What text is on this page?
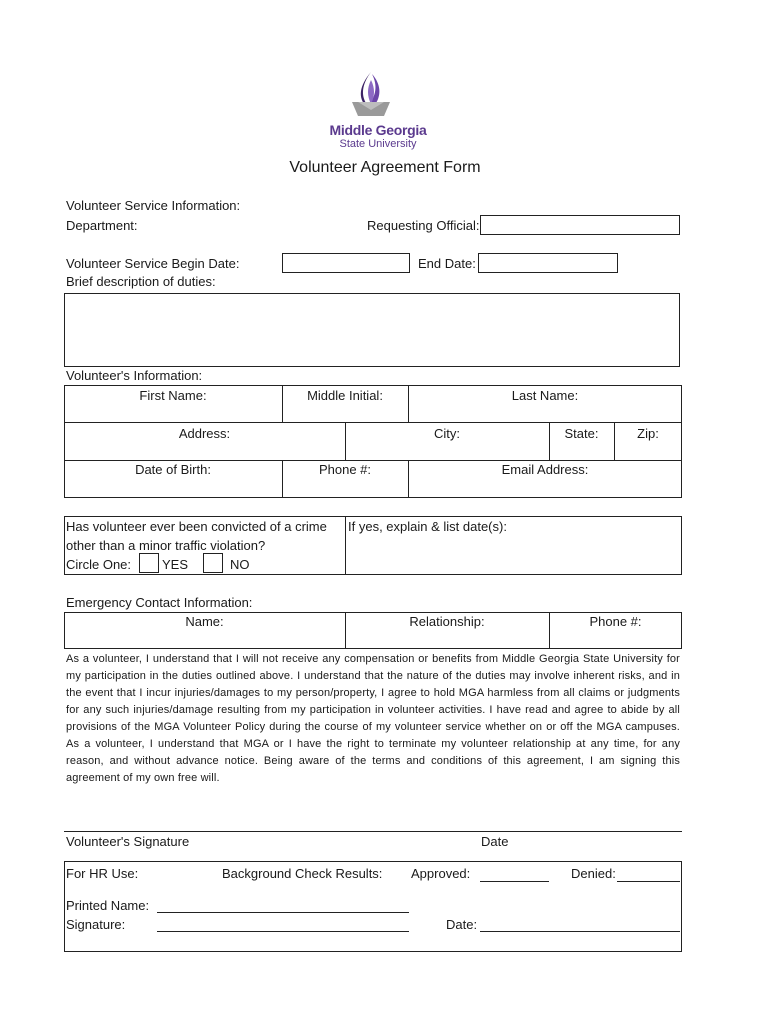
Middle Georgia
State University
Volunteer Agreement Form
Volunteer Service Information:
Department:	Requesting Official:
Volunteer Service Begin Date:	End Date:
Brief description of duties:
Volunteer's Information:
First Name:	Middle Initial:	Last Name:
Address:	City:	State:	Zip:
Date of Birth:	Phone #:	Email Address:
Has volunteer ever been convicted of a crime
other than a minor traffic violation?
Circle One: YES	NO
If yes, explain & list date(s):
Emergency Contact Information:
Name:	Relationship:	Phone #:
As a volunteer, I understand that I will not receive any compensation or benefits from Middle Georgia State University for my participation in the duties outlined above. I understand that the nature of the duties may involve inherent risks, and in the event that I incur injuries/damages to my person/property, I agree to hold MGA harmless from all claims or judgments for any such injuries/damage resulting from my participation in volunteer activities. I have read and agree to abide by all provisions of the MGA Volunteer Policy during the course of my volunteer service whether on or off the MGA campuses. As a volunteer, I understand that MGA or I have the right to terminate my volunteer relationship at any time, for any reason, and without advance notice. Being aware of the terms and conditions of this agreement, I am signing this agreement of my own free will.
Volunteer's Signature	Date
For HR Use:	Background Check Results: Approved:	Denied:
Printed Name:
Signature:	Date:
